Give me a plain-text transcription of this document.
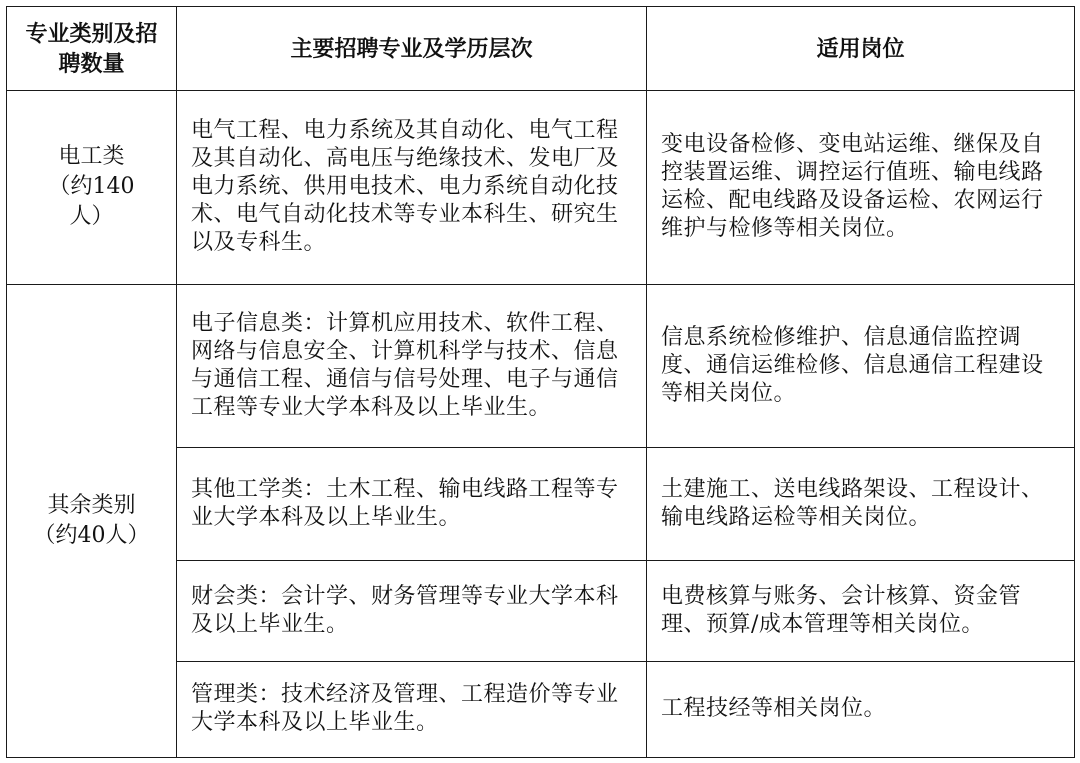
专业类别及招聘数量	主要招聘专业及学历层次	适用岗位
电工类（约140人）	电气工程、电力系统及其自动化、电气工程及其自动化、高电压与绝缘技术、发电厂及电力系统、供用电技术、电力系统自动化技术、电气自动化技术等专业本科生、研究生以及专科生。	变电设备检修、变电站运维、继保及自控装置运维、调控运行值班、输电线路运检、配电线路及设备运检、农网运行维护与检修等相关岗位。
其余类别（约40人）	电子信息类：计算机应用技术、软件工程、网络与信息安全、计算机科学与技术、信息与通信工程、通信与信号处理、电子与通信工程等专业大学本科及以上毕业生。	信息系统检修维护、信息通信监控调度、通信运维检修、信息通信工程建设等相关岗位。
	其他工学类：土木工程、输电线路工程等专业大学本科及以上毕业生。	土建施工、送电线路架设、工程设计、输电线路运检等相关岗位。
	财会类：会计学、财务管理等专业大学本科及以上毕业生。	电费核算与账务、会计核算、资金管理、预算/成本管理等相关岗位。
	管理类：技术经济及管理、工程造价等专业大学本科及以上毕业生。	工程技经等相关岗位。
